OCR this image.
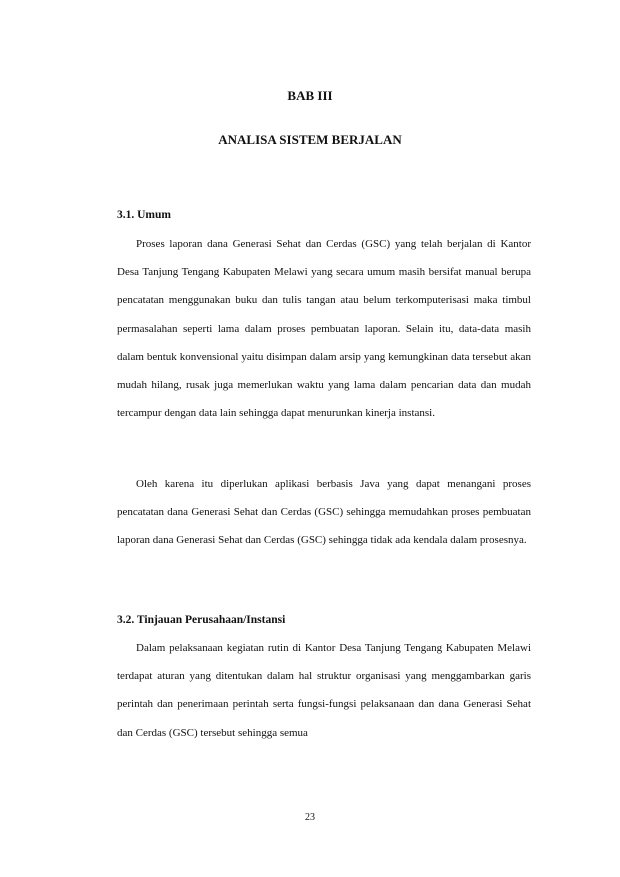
BAB III
ANALISA SISTEM BERJALAN
3.1. Umum

Proses laporan dana Generasi Sehat dan Cerdas (GSC) yang telah berjalan di Kantor Desa Tanjung Tengang Kabupaten Melawi yang secara umum masih bersifat manual berupa pencatatan menggunakan buku dan tulis tangan atau belum terkomputerisasi maka timbul permasalahan seperti lama dalam proses pembuatan laporan. Selain itu, data-data masih dalam bentuk konvensional yaitu disimpan dalam arsip yang kemungkinan data tersebut akan mudah hilang, rusak juga memerlukan waktu yang lama dalam pencarian data dan mudah tercampur dengan data lain sehingga dapat menurunkan kinerja instansi.

Oleh karena itu diperlukan aplikasi berbasis Java yang dapat menangani proses pencatatan dana Generasi Sehat dan Cerdas (GSC) sehingga memudahkan proses pembuatan laporan dana Generasi Sehat dan Cerdas (GSC) sehingga tidak ada kendala dalam prosesnya.

3.2. Tinjauan Perusahaan/Instansi

Dalam pelaksanaan kegiatan rutin di Kantor Desa Tanjung Tengang Kabupaten Melawi terdapat aturan yang ditentukan dalam hal struktur organisasi yang menggambarkan garis perintah dan penerimaan perintah serta fungsi-fungsi pelaksanaan dan dana Generasi Sehat dan Cerdas (GSC) tersebut sehingga semua

23
